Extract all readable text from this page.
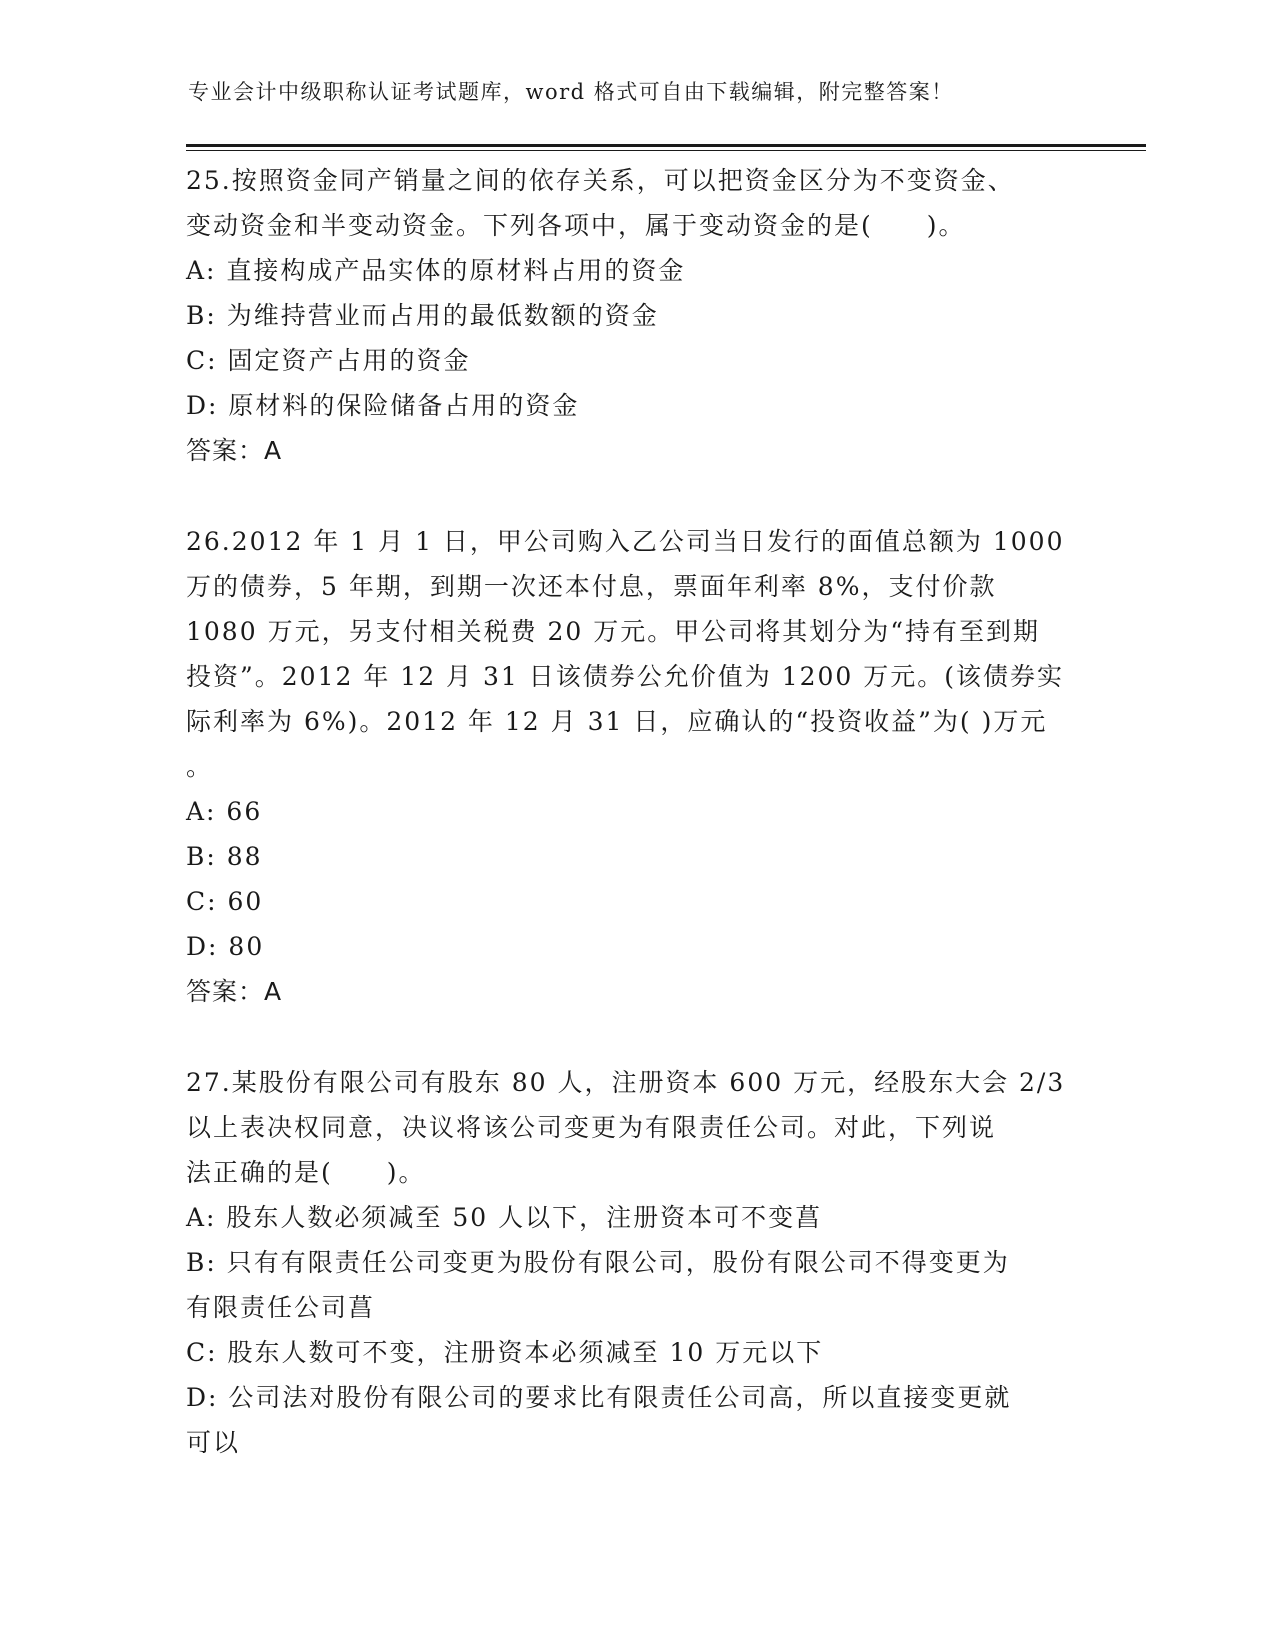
专业会计中级职称认证考试题库，word 格式可自由下载编辑，附完整答案！
25.按照资金同产销量之间的依存关系，可以把资金区分为不变资金、
变动资金和半变动资金。下列各项中，属于变动资金的是(　　)。
A: 直接构成产品实体的原材料占用的资金
B: 为维持营业而占用的最低数额的资金
C: 固定资产占用的资金
D: 原材料的保险储备占用的资金
答案：A
26.2012 年 1 月 1 日，甲公司购入乙公司当日发行的面值总额为 1000
万的债券，5 年期，到期一次还本付息，票面年利率 8%，支付价款
1080 万元，另支付相关税费 20 万元。甲公司将其划分为“持有至到期
投资”。2012 年 12 月 31 日该债券公允价值为 1200 万元。(该债券实
际利率为 6%)。2012 年 12 月 31 日，应确认的“投资收益”为( )万元
。
A: 66
B: 88
C: 60
D: 80
答案：A
27.某股份有限公司有股东 80 人，注册资本 600 万元，经股东大会 2/3
以上表决权同意，决议将该公司变更为有限责任公司。对此，下列说
法正确的是(　　)。
A: 股东人数必须减至 50 人以下，注册资本可不变菖
B: 只有有限责任公司变更为股份有限公司，股份有限公司不得变更为
有限责任公司菖
C: 股东人数可不变，注册资本必须减至 10 万元以下
D: 公司法对股份有限公司的要求比有限责任公司高，所以直接变更就
可以
